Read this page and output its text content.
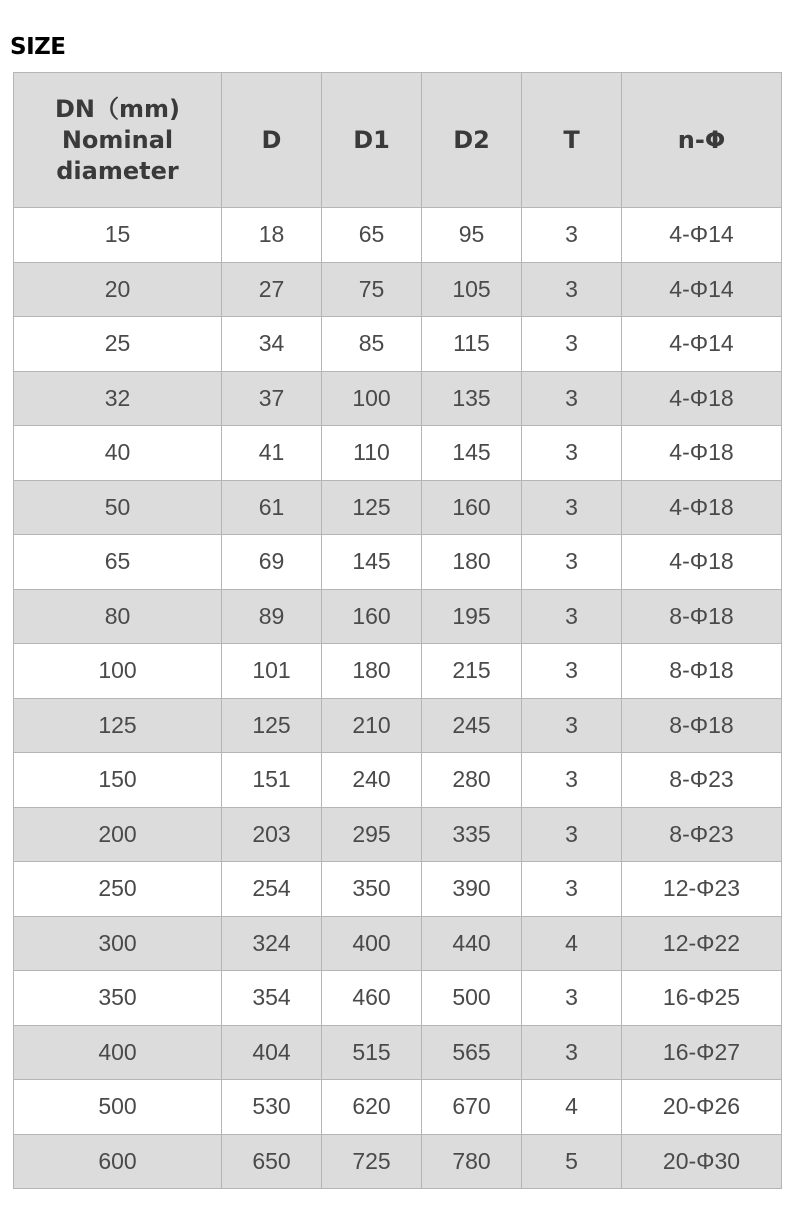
SIZE
DN（mm)
Nominal
diameter	D	D1	D2	T	n-Φ

15	18	65	95	3	4-Φ14
20	27	75	105	3	4-Φ14
25	34	85	115	3	4-Φ14
32	37	100	135	3	4-Φ18
40	41	110	145	3	4-Φ18
50	61	125	160	3	4-Φ18
65	69	145	180	3	4-Φ18
80	89	160	195	3	8-Φ18
100	101	180	215	3	8-Φ18
125	125	210	245	3	8-Φ18
150	151	240	280	3	8-Φ23
200	203	295	335	3	8-Φ23
250	254	350	390	3	12-Φ23
300	324	400	440	4	12-Φ22
350	354	460	500	3	16-Φ25
400	404	515	565	3	16-Φ27
500	530	620	670	4	20-Φ26
600	650	725	780	5	20-Φ30
